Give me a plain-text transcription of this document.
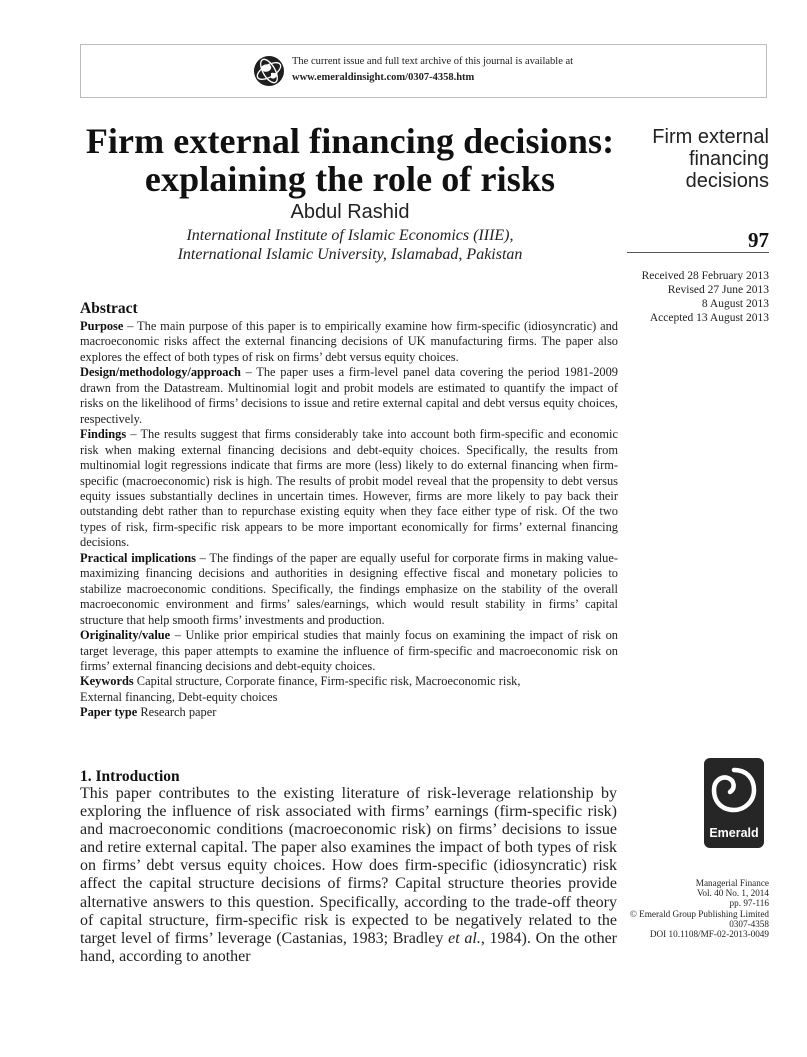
The current issue and full text archive of this journal is available at
www.emeraldinsight.com/0307-4358.htm
Firm external financing decisions:
explaining the role of risks
Abdul Rashid
International Institute of Islamic Economics (IIIE),
International Islamic University, Islamabad, Pakistan
Firm external
financing
decisions
97
Received 28 February 2013
Revised 27 June 2013
8 August 2013
Accepted 13 August 2013
Abstract

Purpose – The main purpose of this paper is to empirically examine how firm-specific (idiosyncratic) and macroeconomic risks affect the external financing decisions of UK manufacturing firms. The paper also explores the effect of both types of risk on firms’ debt versus equity choices.

Design/methodology/approach – The paper uses a firm-level panel data covering the period 1981-2009 drawn from the Datastream. Multinomial logit and probit models are estimated to quantify the impact of risks on the likelihood of firms’ decisions to issue and retire external capital and debt versus equity choices, respectively.

Findings – The results suggest that firms considerably take into account both firm-specific and economic risk when making external financing decisions and debt-equity choices. Specifically, the results from multinomial logit regressions indicate that firms are more (less) likely to do external financing when firm-specific (macroeconomic) risk is high. The results of probit model reveal that the propensity to debt versus equity issues substantially declines in uncertain times. However, firms are more likely to pay back their outstanding debt rather than to repurchase existing equity when they face either type of risk. Of the two types of risk, firm-specific risk appears to be more important economically for firms’ external financing decisions.

Practical implications – The findings of the paper are equally useful for corporate firms in making value-maximizing financing decisions and authorities in designing effective fiscal and monetary policies to stabilize macroeconomic conditions. Specifically, the findings emphasize on the stability of the overall macroeconomic environment and firms’ sales/earnings, which would result stability in firms’ capital structure that help smooth firms’ investments and production.

Originality/value – Unlike prior empirical studies that mainly focus on examining the impact of risk on target leverage, this paper attempts to examine the influence of firm-specific and macroeconomic risk on firms’ external financing decisions and debt-equity choices.

Keywords Capital structure, Corporate finance, Firm-specific risk, Macroeconomic risk,
External financing, Debt-equity choices

Paper type Research paper

1. Introduction

This paper contributes to the existing literature of risk-leverage relationship by exploring the influence of risk associated with firms’ earnings (firm-specific risk) and macroeconomic conditions (macroeconomic risk) on firms’ decisions to issue and retire external capital. The paper also examines the impact of both types of risk on firms’ debt versus equity choices. How does firm-specific (idiosyncratic) risk affect the capital structure decisions of firms? Capital structure theories provide alternative answers to this question. Specifically, according to the trade-off theory of capital structure, firm-specific risk is expected to be negatively related to the target level of firms’ leverage (Castanias, 1983; Bradley et al., 1984). On the other hand, according to another

Emerald
Managerial Finance
Vol. 40 No. 1, 2014
pp. 97-116
© Emerald Group Publishing Limited
0307-4358
DOI 10.1108/MF-02-2013-0049
